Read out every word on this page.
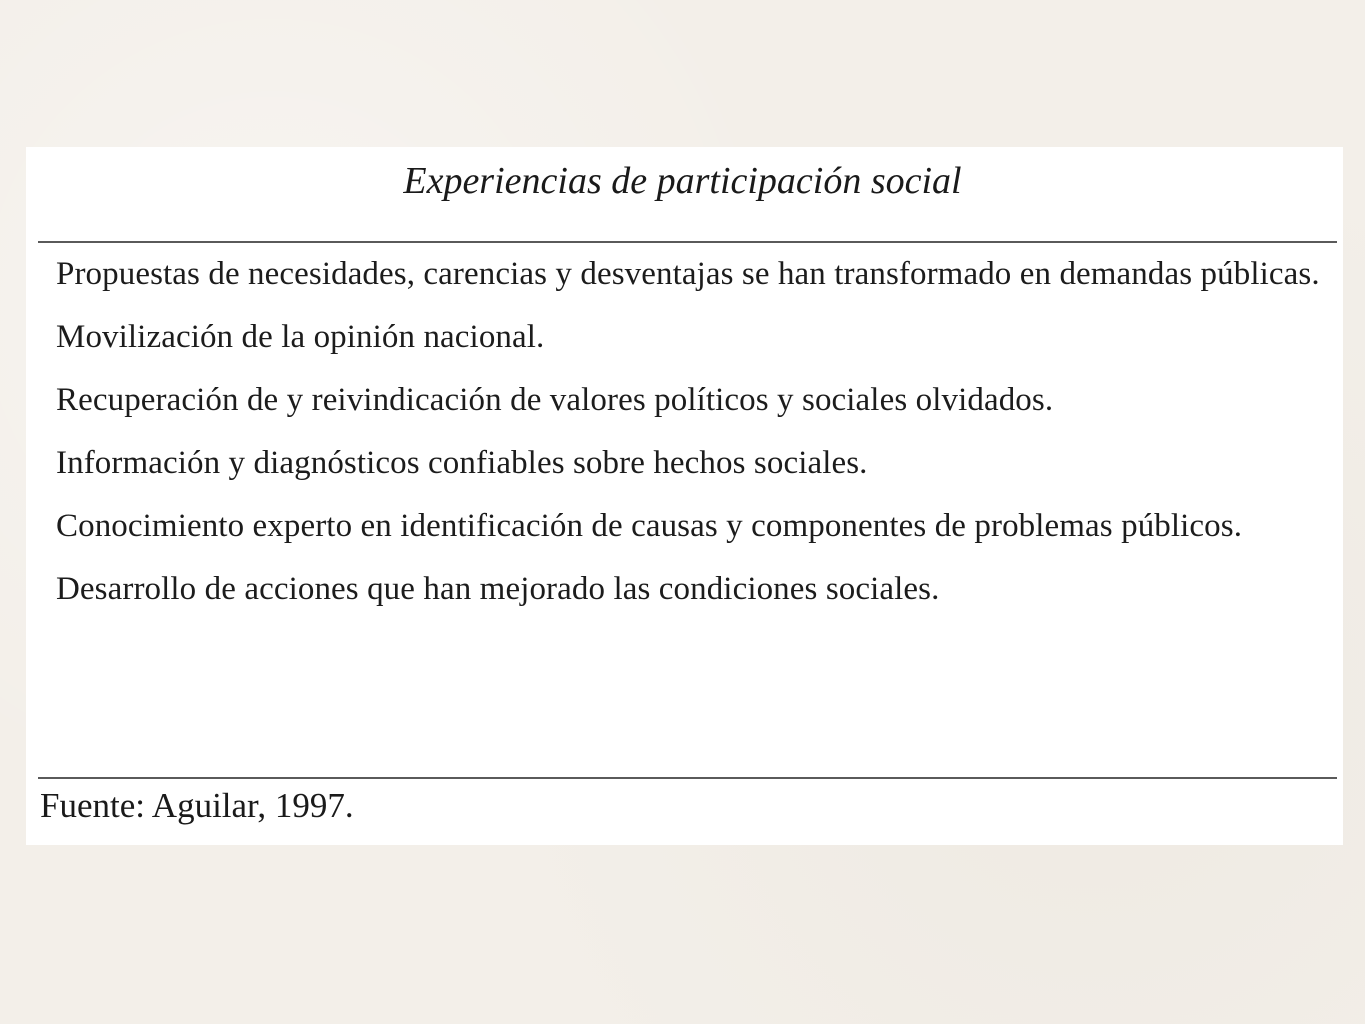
Experiencias de participación social
Propuestas de necesidades, carencias y desventajas se han transformado en demandas públicas.
Movilización de la opinión nacional.
Recuperación de y reivindicación de valores políticos y sociales olvidados.
Información y diagnósticos confiables sobre hechos sociales.
Conocimiento experto en identificación de causas y componentes de problemas públicos.
Desarrollo de acciones que han mejorado las condiciones sociales.
Fuente: Aguilar, 1997.
